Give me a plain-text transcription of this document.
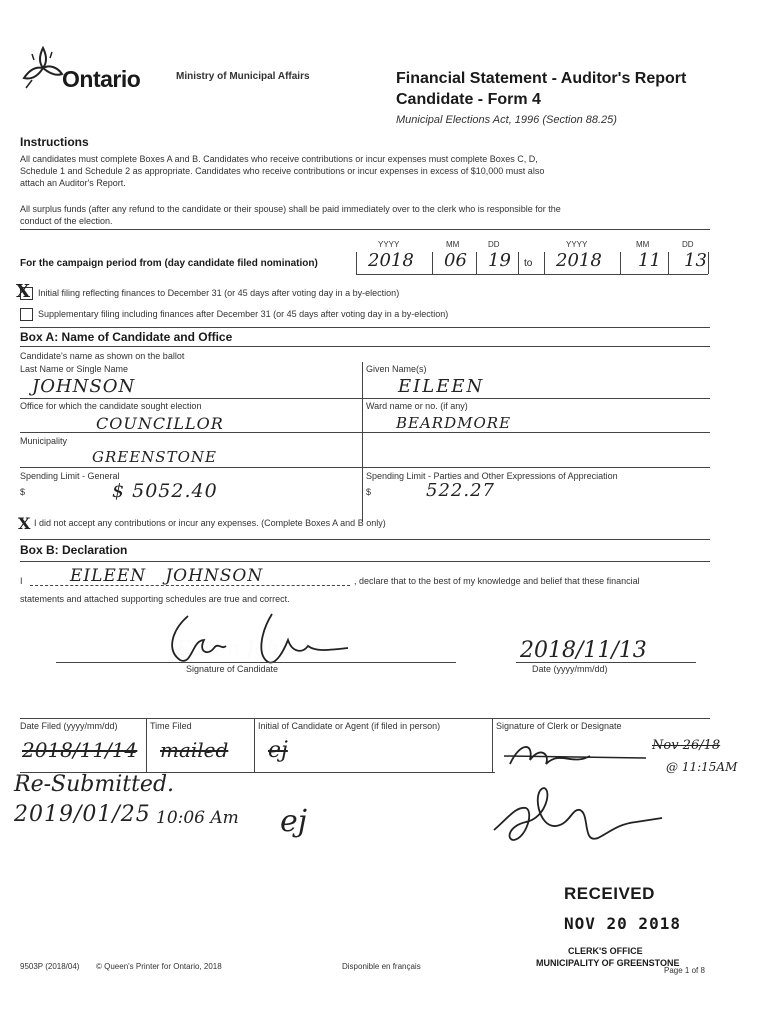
Ontario	Ministry of Municipal Affairs	Financial Statement - Auditor's Report
Candidate - Form 4
Municipal Elections Act, 1996 (Section 88.25)
Instructions
All candidates must complete Boxes A and B. Candidates who receive contributions or incur expenses must complete Boxes C, D,
Schedule 1 and Schedule 2 as appropriate. Candidates who receive contributions or incur expenses in excess of $10,000 must also
attach an Auditor's Report.
All surplus funds (after any refund to the candidate or their spouse) shall be paid immediately over to the clerk who is responsible for the
conduct of the election.
YYYY	MM	DD	YYYY	MM	DD
For the campaign period from (day candidate filed nomination)	2018 06 19 to 2018 11 13
X Initial filing reflecting finances to December 31 (or 45 days after voting day in a by-election)
Supplementary filing including finances after December 31 (or 45 days after voting day in a by-election)
Box A: Name of Candidate and Office
Candidate's name as shown on the ballot
Last Name or Single Name
JOHNSON
Given Name(s)
EILEEN
Office for which the candidate sought election
COUNCILLOR
Ward name or no. (if any)
BEARDMORE
Municipality
GREENSTONE
Spending Limit - General
$	$ 5052.40
Spending Limit - Parties and Other Expressions of Appreciation
$	522.27
X I did not accept any contributions or incur any expenses. (Complete Boxes A and B only)
Box B: Declaration
I	EILEEN   JOHNSON	, declare that to the best of my knowledge and belief that these financial
statements and attached supporting schedules are true and correct.
Signature of Candidate
2018/11/13
Date (yyyy/mm/dd)
Date Filed (yyyy/mm/dd)	Time Filed	Initial of Candidate or Agent (if filed in person)	Signature of Clerk or Designate
2018/11/14 mailed ej	Nov 26/18
@ 11:15AM
Re-Submitted.
2019/01/25 10:06 Am ej
RECEIVED
NOV 20 2018
CLERK'S OFFICE
MUNICIPALITY OF GREENSTONE
9503P (2018/04) © Queen's Printer for Ontario, 2018	Disponible en français	Page 1 of 8
